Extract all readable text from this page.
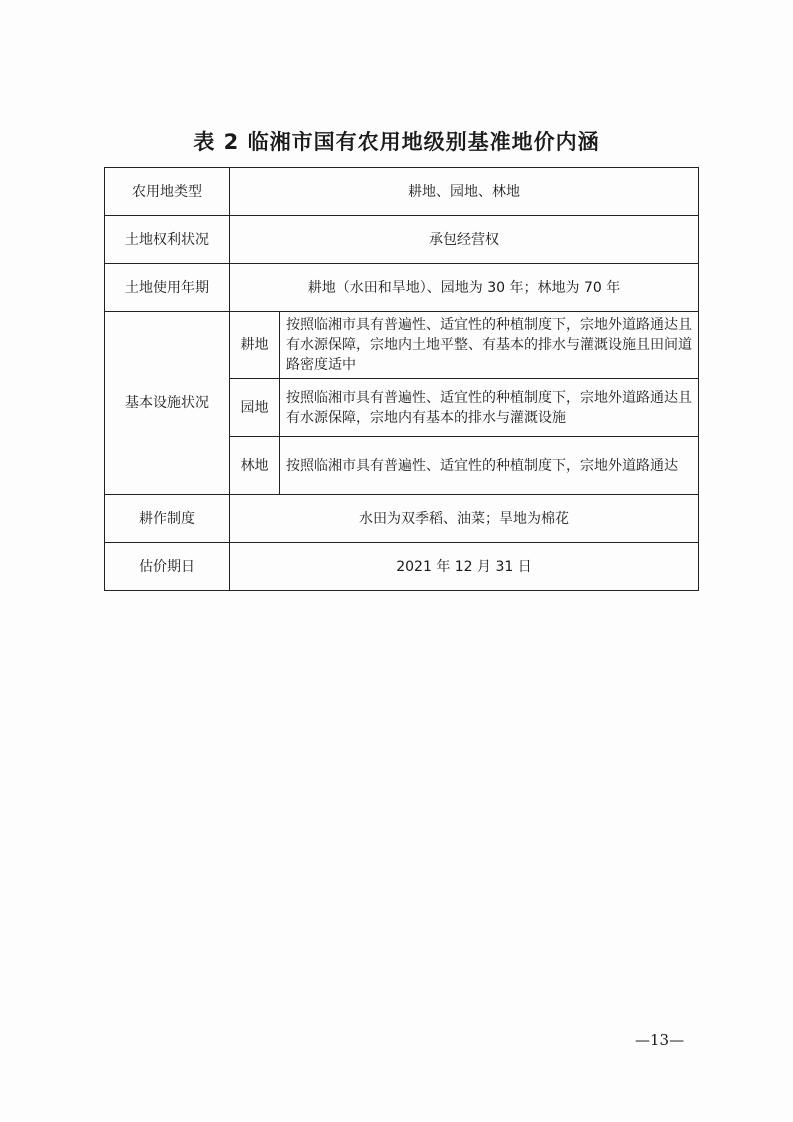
表 2 临湘市国有农用地级别基准地价内涵
农用地类型	耕地、园地、林地	
土地权利状况	承包经营权	
土地使用年期	耕地（水田和旱地）、园地为 30 年；林地为 70 年	
基本设施状况	耕地	按照临湘市具有普遍性、适宜性的种植制度下，宗地外道路通达且有水源保障，宗地内土地平整、有基本的排水与灌溉设施且田间道路密度适中
	园地	按照临湘市具有普遍性、适宜性的种植制度下，宗地外道路通达且有水源保障，宗地内有基本的排水与灌溉设施
	林地	按照临湘市具有普遍性、适宜性的种植制度下，宗地外道路通达
耕作制度	水田为双季稻、油菜；旱地为棉花	
估价期日	2021 年 12 月 31 日	
—13—
